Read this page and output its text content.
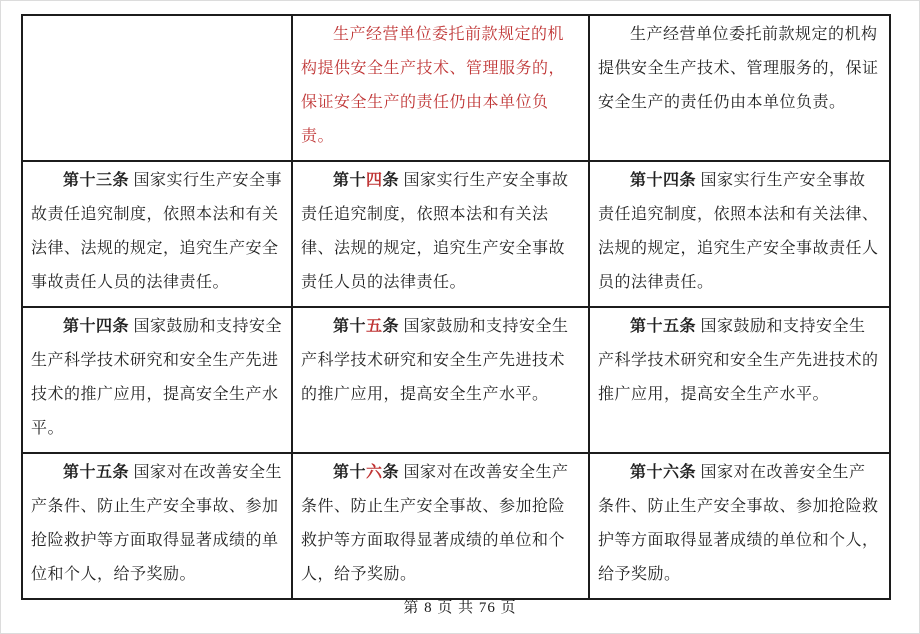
	生产经营单位委托前款规定的机构提供安全生产技术、管理服务的，保证安全生产的责任仍由本单位负责。	生产经营单位委托前款规定的机构提供安全生产技术、管理服务的，保证安全生产的责任仍由本单位负责。

第十三条 国家实行生产安全事故责任追究制度，依照本法和有关法律、法规的规定，追究生产安全事故责任人员的法律责任。	第十四条 国家实行生产安全事故责任追究制度，依照本法和有关法律、法规的规定，追究生产安全事故责任人员的法律责任。	第十四条 国家实行生产安全事故责任追究制度，依照本法和有关法律、法规的规定，追究生产安全事故责任人员的法律责任。

第十四条 国家鼓励和支持安全生产科学技术研究和安全生产先进技术的推广应用，提高安全生产水平。	第十五条 国家鼓励和支持安全生产科学技术研究和安全生产先进技术的推广应用，提高安全生产水平。	第十五条 国家鼓励和支持安全生产科学技术研究和安全生产先进技术的推广应用，提高安全生产水平。

第十五条 国家对在改善安全生产条件、防止生产安全事故、参加抢险救护等方面取得显著成绩的单位和个人，给予奖励。	第十六条 国家对在改善安全生产条件、防止生产安全事故、参加抢险救护等方面取得显著成绩的单位和个人，给予奖励。	第十六条 国家对在改善安全生产条件、防止生产安全事故、参加抢险救护等方面取得显著成绩的单位和个人，给予奖励。
第 8 页 共 76 页
